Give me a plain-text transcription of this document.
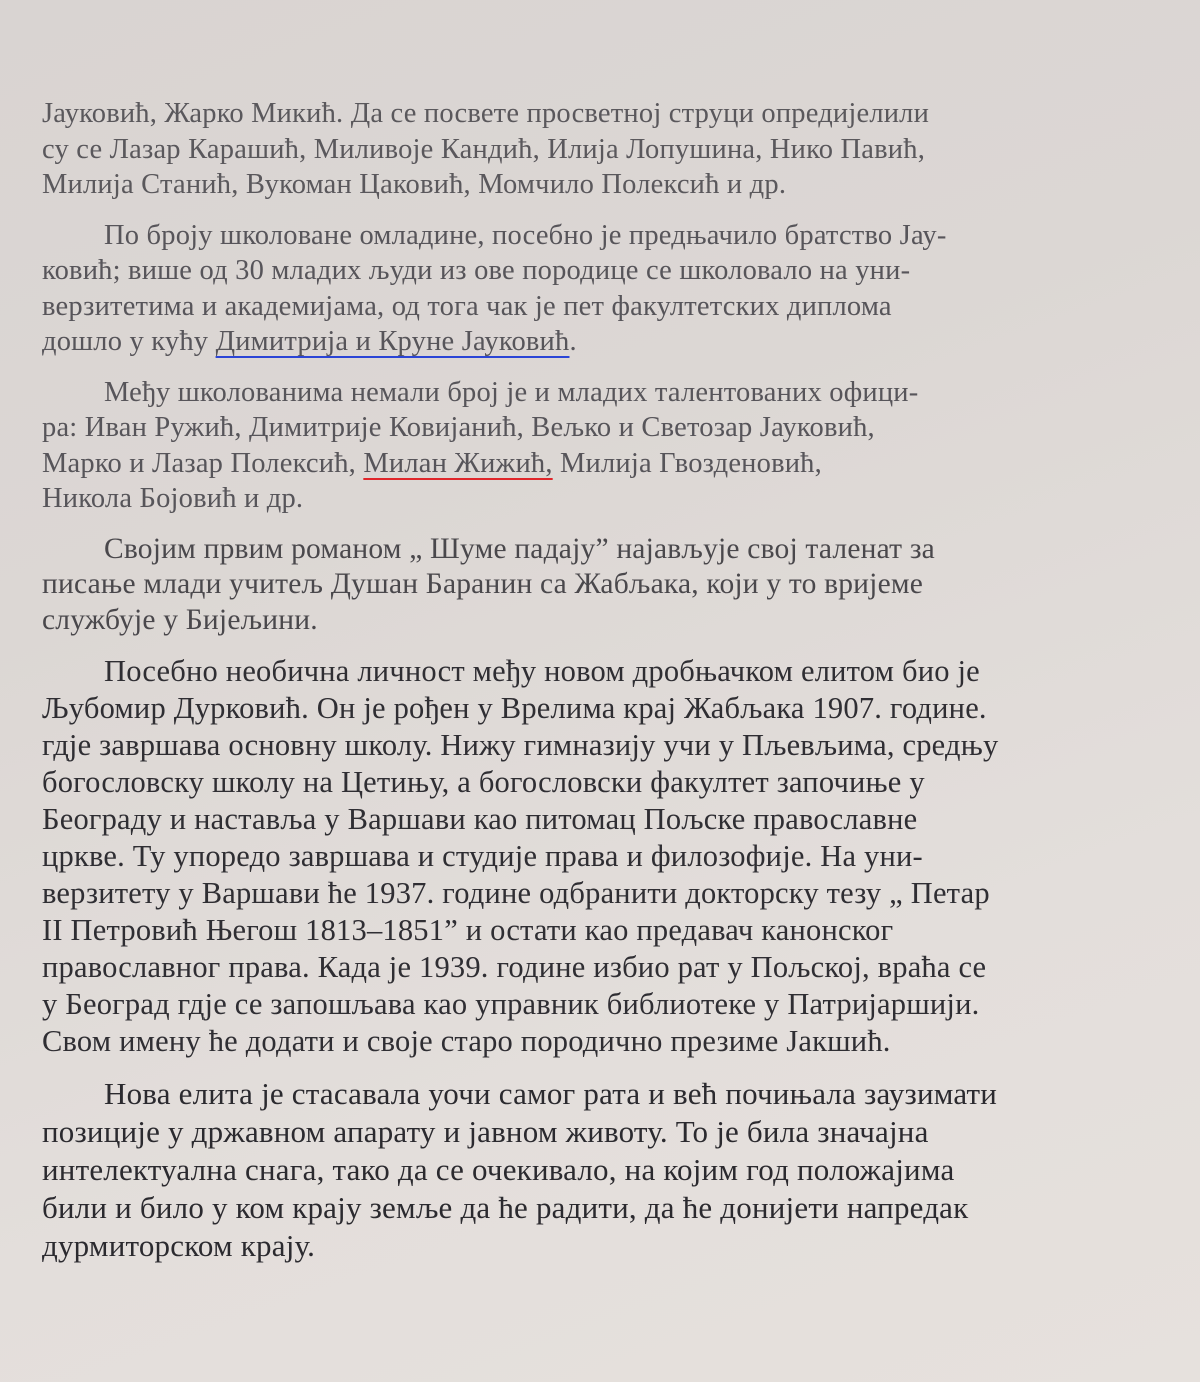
Јауковић, Жарко Микић. Да се посвете просветној струци опредијелили
су се Лазар Карашић, Миливоје Кандић, Илија Лопушина, Нико Павић,
Милија Станић, Вукоман Цаковић, Момчило Полексић и др.
По броју школоване омладине, посебно је предњачило братство Јау-
ковић; више од 30 младих људи из ове породице се школовало на уни-
верзитетима и академијама, од тога чак је пет факултетских диплома
дошло у кућу Димитрија и Круне Јауковић.
Међу школованима немали број је и младих талентованих офици-
ра: Иван Ружић, Димитрије Ковијанић, Вељко и Светозар Јауковић,
Марко и Лазар Полексић, Милан Жижић, Милија Гвозденовић,
Никола Бојовић и др.
Својим првим романом „ Шуме падају” најављује свој таленат за
писање млади учитељ Душан Баранин са Жабљака, који у то вријеме
службује у Бијељини.
Посебно необична личност међу новом дробњачком елитом био је
Љубомир Дурковић. Он је рођен у Врелима крај Жабљака 1907. године.
гдје завршава основну школу. Нижу гимназију учи у Пљевљима, средњу
богословску школу на Цетињу, а богословски факултет започиње у
Београду и наставља у Варшави као питомац Пољске православне
цркве. Ту упоредо завршава и студије права и филозофије. На уни-
верзитету у Варшави ће 1937. године одбранити докторску тезу „ Петар
II Петровић Његош 1813–1851” и остати као предавач канонског
православног права. Када је 1939. године избио рат у Пољској, враћа се
у Београд гдје се запошљава као управник библиотеке у Патријаршији.
Свом имену ће додати и своје старо породично презиме Јакшић.
Нова елита је стасавала уочи самог рата и већ почињала заузимати
позиције у државном апарату и јавном животу. То је била значајна
интелектуална снага, тако да се очекивало, на којим год положајима
били и било у ком крају земље да ће радити, да ће донијети напредак
дурмиторском крају.
